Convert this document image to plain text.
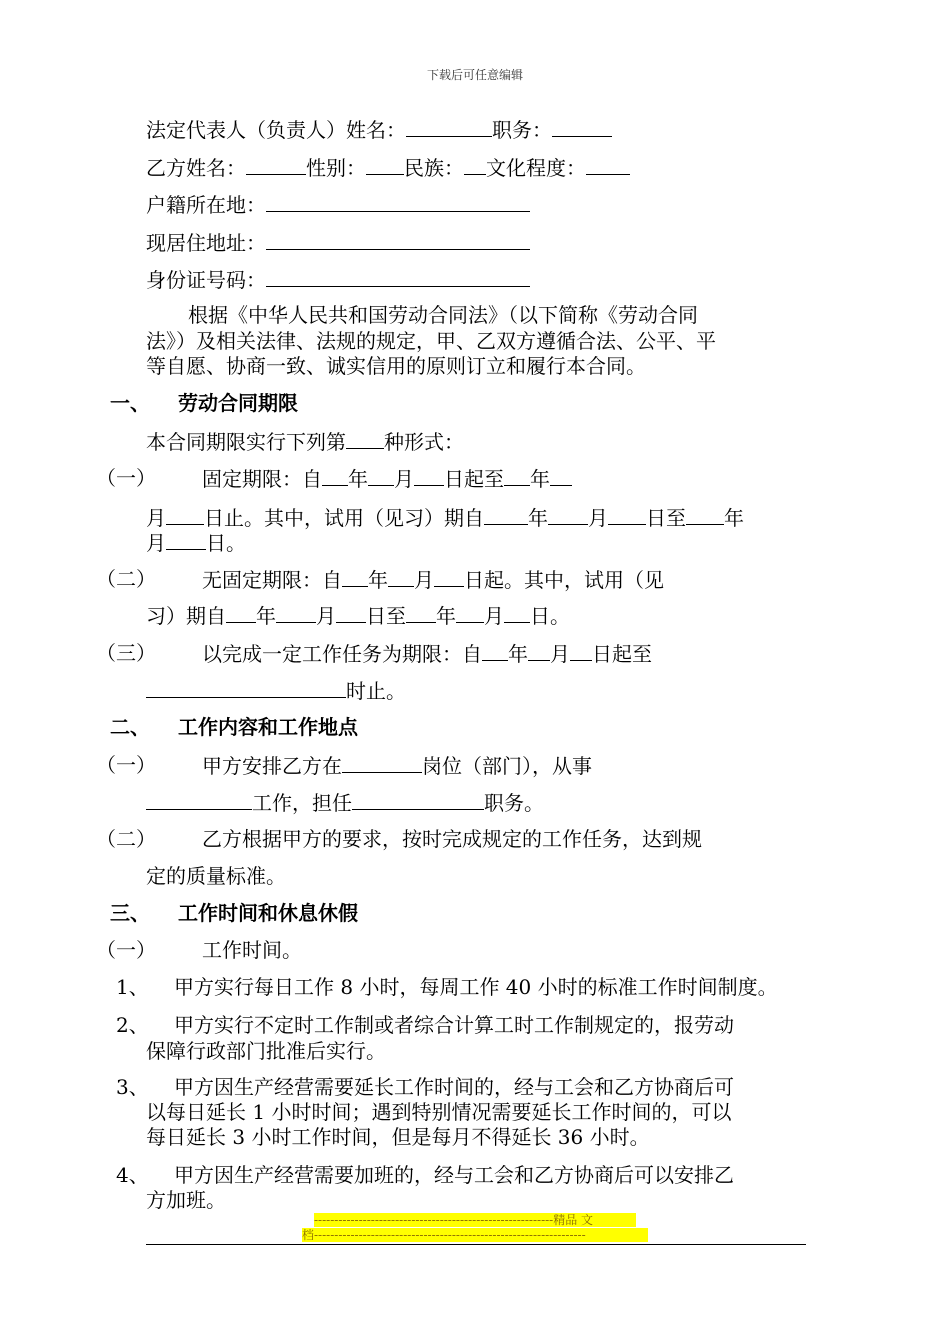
下载后可任意编辑
法定代表人（负责人）姓名：	职务：
乙方姓名：	性别： 民族： 文化程度：
户籍所在地：
现居住地址：
身份证号码：
根据《中华人民共和国劳动合同法》（以下简称《劳动合同
法》）及相关法律、法规的规定，甲、乙双方遵循合法、公平、平
等自愿、协商一致、诚实信用的原则订立和履行本合同。
一、 劳动合同期限
本合同期限实行下列第 种形式：
（一） 固定期限：自 年 月 日起至 年
月 日止。其中，试用（见习）期自 年 月 日至 年
月 日。
（二） 无固定期限：自 年 月 日起。其中，试用（见
习）期自 年 月 日至 年 月 日。
（三） 以完成一定工作任务为期限：自 年 月 日起至
时止。
二、 工作内容和工作地点
（一） 甲方安排乙方在	岗位（部门），从事
工作，担任	职务。
（二） 乙方根据甲方的要求，按时完成规定的工作任务，达到规
定的质量标准。
三、 工作时间和休息休假
（一） 工作时间。
1、 甲方实行每日工作 8 小时，每周工作 40 小时的标准工作时间制度。
2、 甲方实行不定时工作制或者综合计算工时工作制规定的，报劳动
保障行政部门批准后实行。
3、 甲方因生产经营需要延长工作时间的，经与工会和乙方协商后可
以每日延长 1 小时时间；遇到特别情况需要延长工作时间的，可以
每日延长 3 小时工作时间，但是每月不得延长 36 小时。
4、 甲方因生产经营需要加班的，经与工会和乙方协商后可以安排乙
方加班。
-----------------------------------------------------------精品 文
档-------------------------------------------------------------------
